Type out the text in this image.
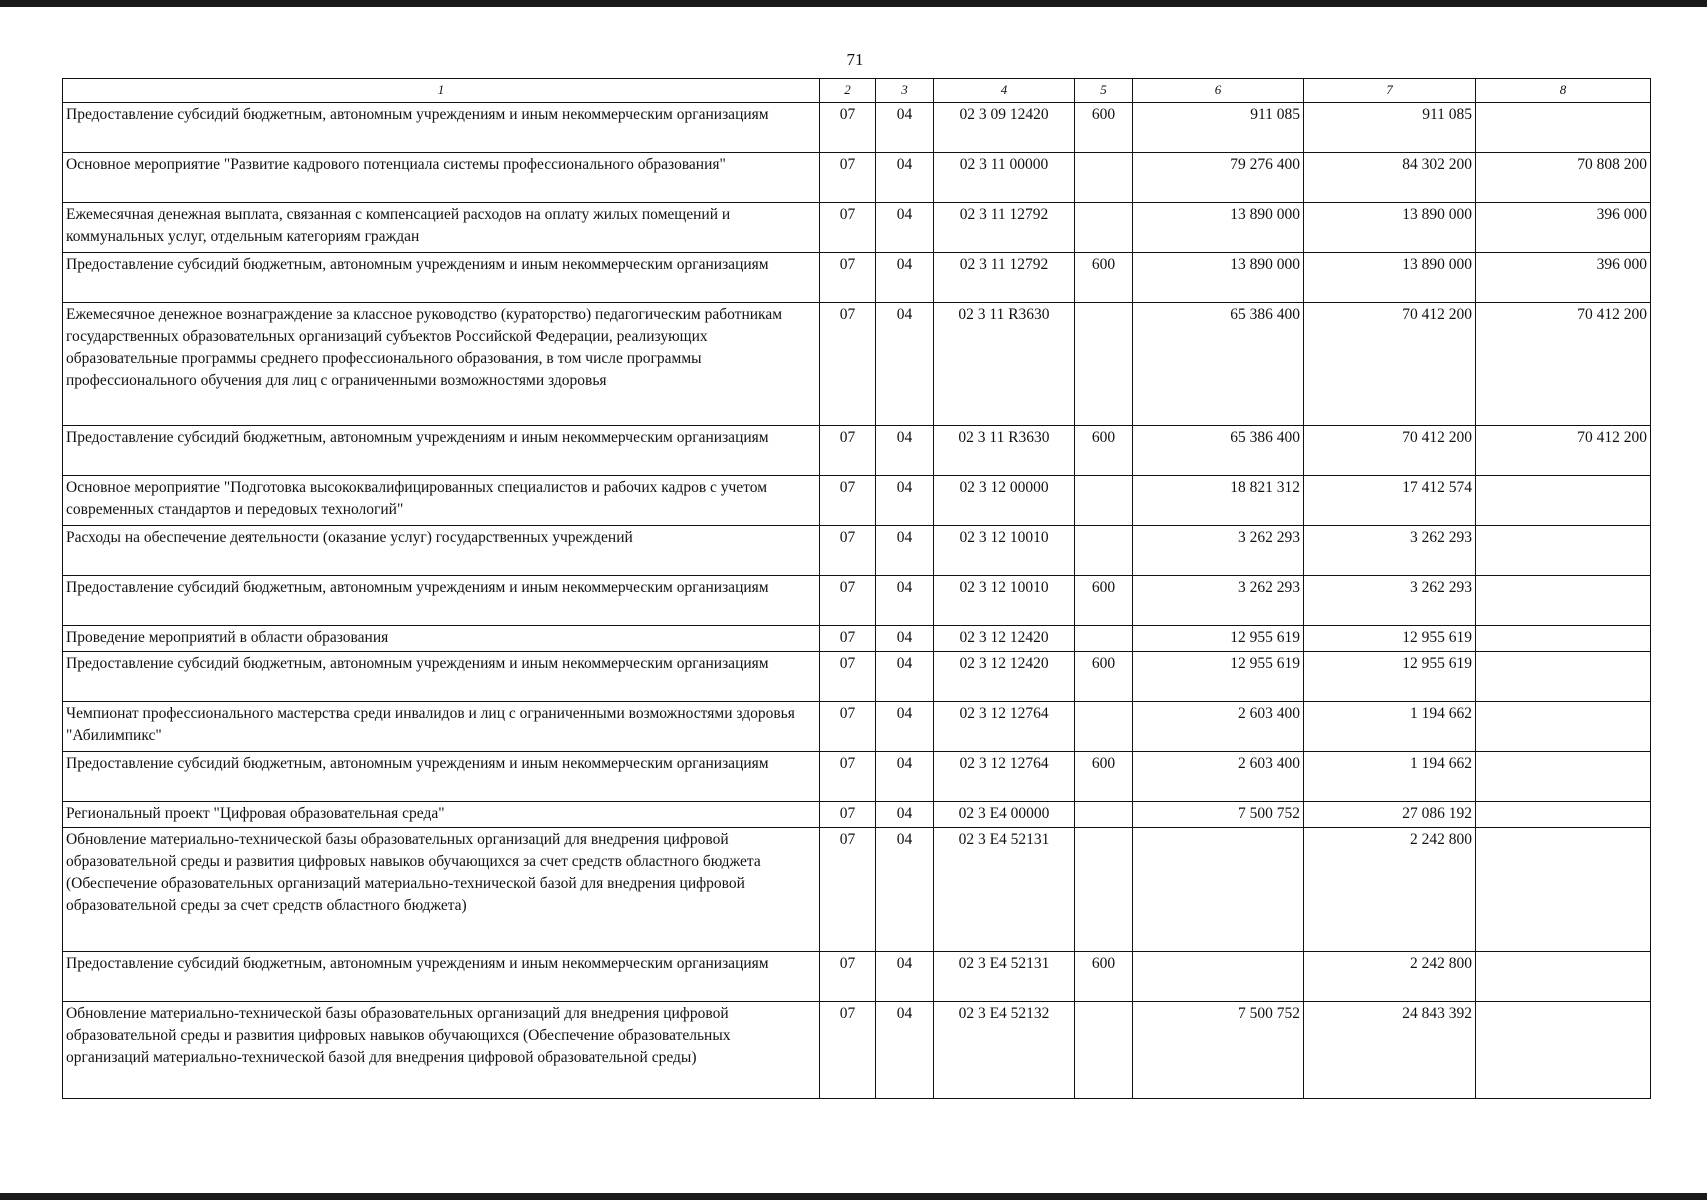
71
1	2	3	4	5	6	7	8
Предоставление субсидий бюджетным, автономным учреждениям и иным некоммерческим организациям	07	04	02 3 09 12420	600	911 085	911 085	
Основное мероприятие "Развитие кадрового потенциала системы профессионального образования"	07	04	02 3 11 00000		79 276 400	84 302 200	70 808 200
Ежемесячная денежная выплата, связанная с компенсацией расходов на оплату жилых помещений и коммунальных услуг, отдельным категориям граждан	07	04	02 3 11 12792		13 890 000	13 890 000	396 000
Предоставление субсидий бюджетным, автономным учреждениям и иным некоммерческим организациям	07	04	02 3 11 12792	600	13 890 000	13 890 000	396 000
Ежемесячное денежное вознаграждение за классное руководство (кураторство) педагогическим работникам государственных образовательных организаций субъектов Российской Федерации, реализующих образовательные программы среднего профессионального образования, в том числе программы профессионального обучения для лиц с ограниченными возможностями здоровья	07	04	02 3 11 R3630		65 386 400	70 412 200	70 412 200
Предоставление субсидий бюджетным, автономным учреждениям и иным некоммерческим организациям	07	04	02 3 11 R3630	600	65 386 400	70 412 200	70 412 200
Основное мероприятие "Подготовка высококвалифицированных специалистов и рабочих кадров с учетом современных стандартов и передовых технологий"	07	04	02 3 12 00000		18 821 312	17 412 574	
Расходы на обеспечение деятельности (оказание услуг) государственных учреждений	07	04	02 3 12 10010		3 262 293	3 262 293	
Предоставление субсидий бюджетным, автономным учреждениям и иным некоммерческим организациям	07	04	02 3 12 10010	600	3 262 293	3 262 293	
Проведение мероприятий в области образования	07	04	02 3 12 12420		12 955 619	12 955 619	
Предоставление субсидий бюджетным, автономным учреждениям и иным некоммерческим организациям	07	04	02 3 12 12420	600	12 955 619	12 955 619	
Чемпионат профессионального мастерства среди инвалидов и лиц с ограниченными возможностями здоровья "Абилимпикс"	07	04	02 3 12 12764		2 603 400	1 194 662	
Предоставление субсидий бюджетным, автономным учреждениям и иным некоммерческим организациям	07	04	02 3 12 12764	600	2 603 400	1 194 662	
Региональный проект "Цифровая образовательная среда"	07	04	02 3 E4 00000		7 500 752	27 086 192	
Обновление материально-технической базы образовательных организаций для внедрения цифровой образовательной среды и развития цифровых навыков обучающихся за счет средств областного бюджета (Обеспечение образовательных организаций материально-технической базой для внедрения цифровой образовательной среды за счет средств областного бюджета)	07	04	02 3 E4 52131			2 242 800	
Предоставление субсидий бюджетным, автономным учреждениям и иным некоммерческим организациям	07	04	02 3 E4 52131	600		2 242 800	
Обновление материально-технической базы образовательных организаций для внедрения цифровой образовательной среды и развития цифровых навыков обучающихся (Обеспечение образовательных организаций материально-технической базой для внедрения цифровой образовательной среды)	07	04	02 3 E4 52132		7 500 752	24 843 392	
